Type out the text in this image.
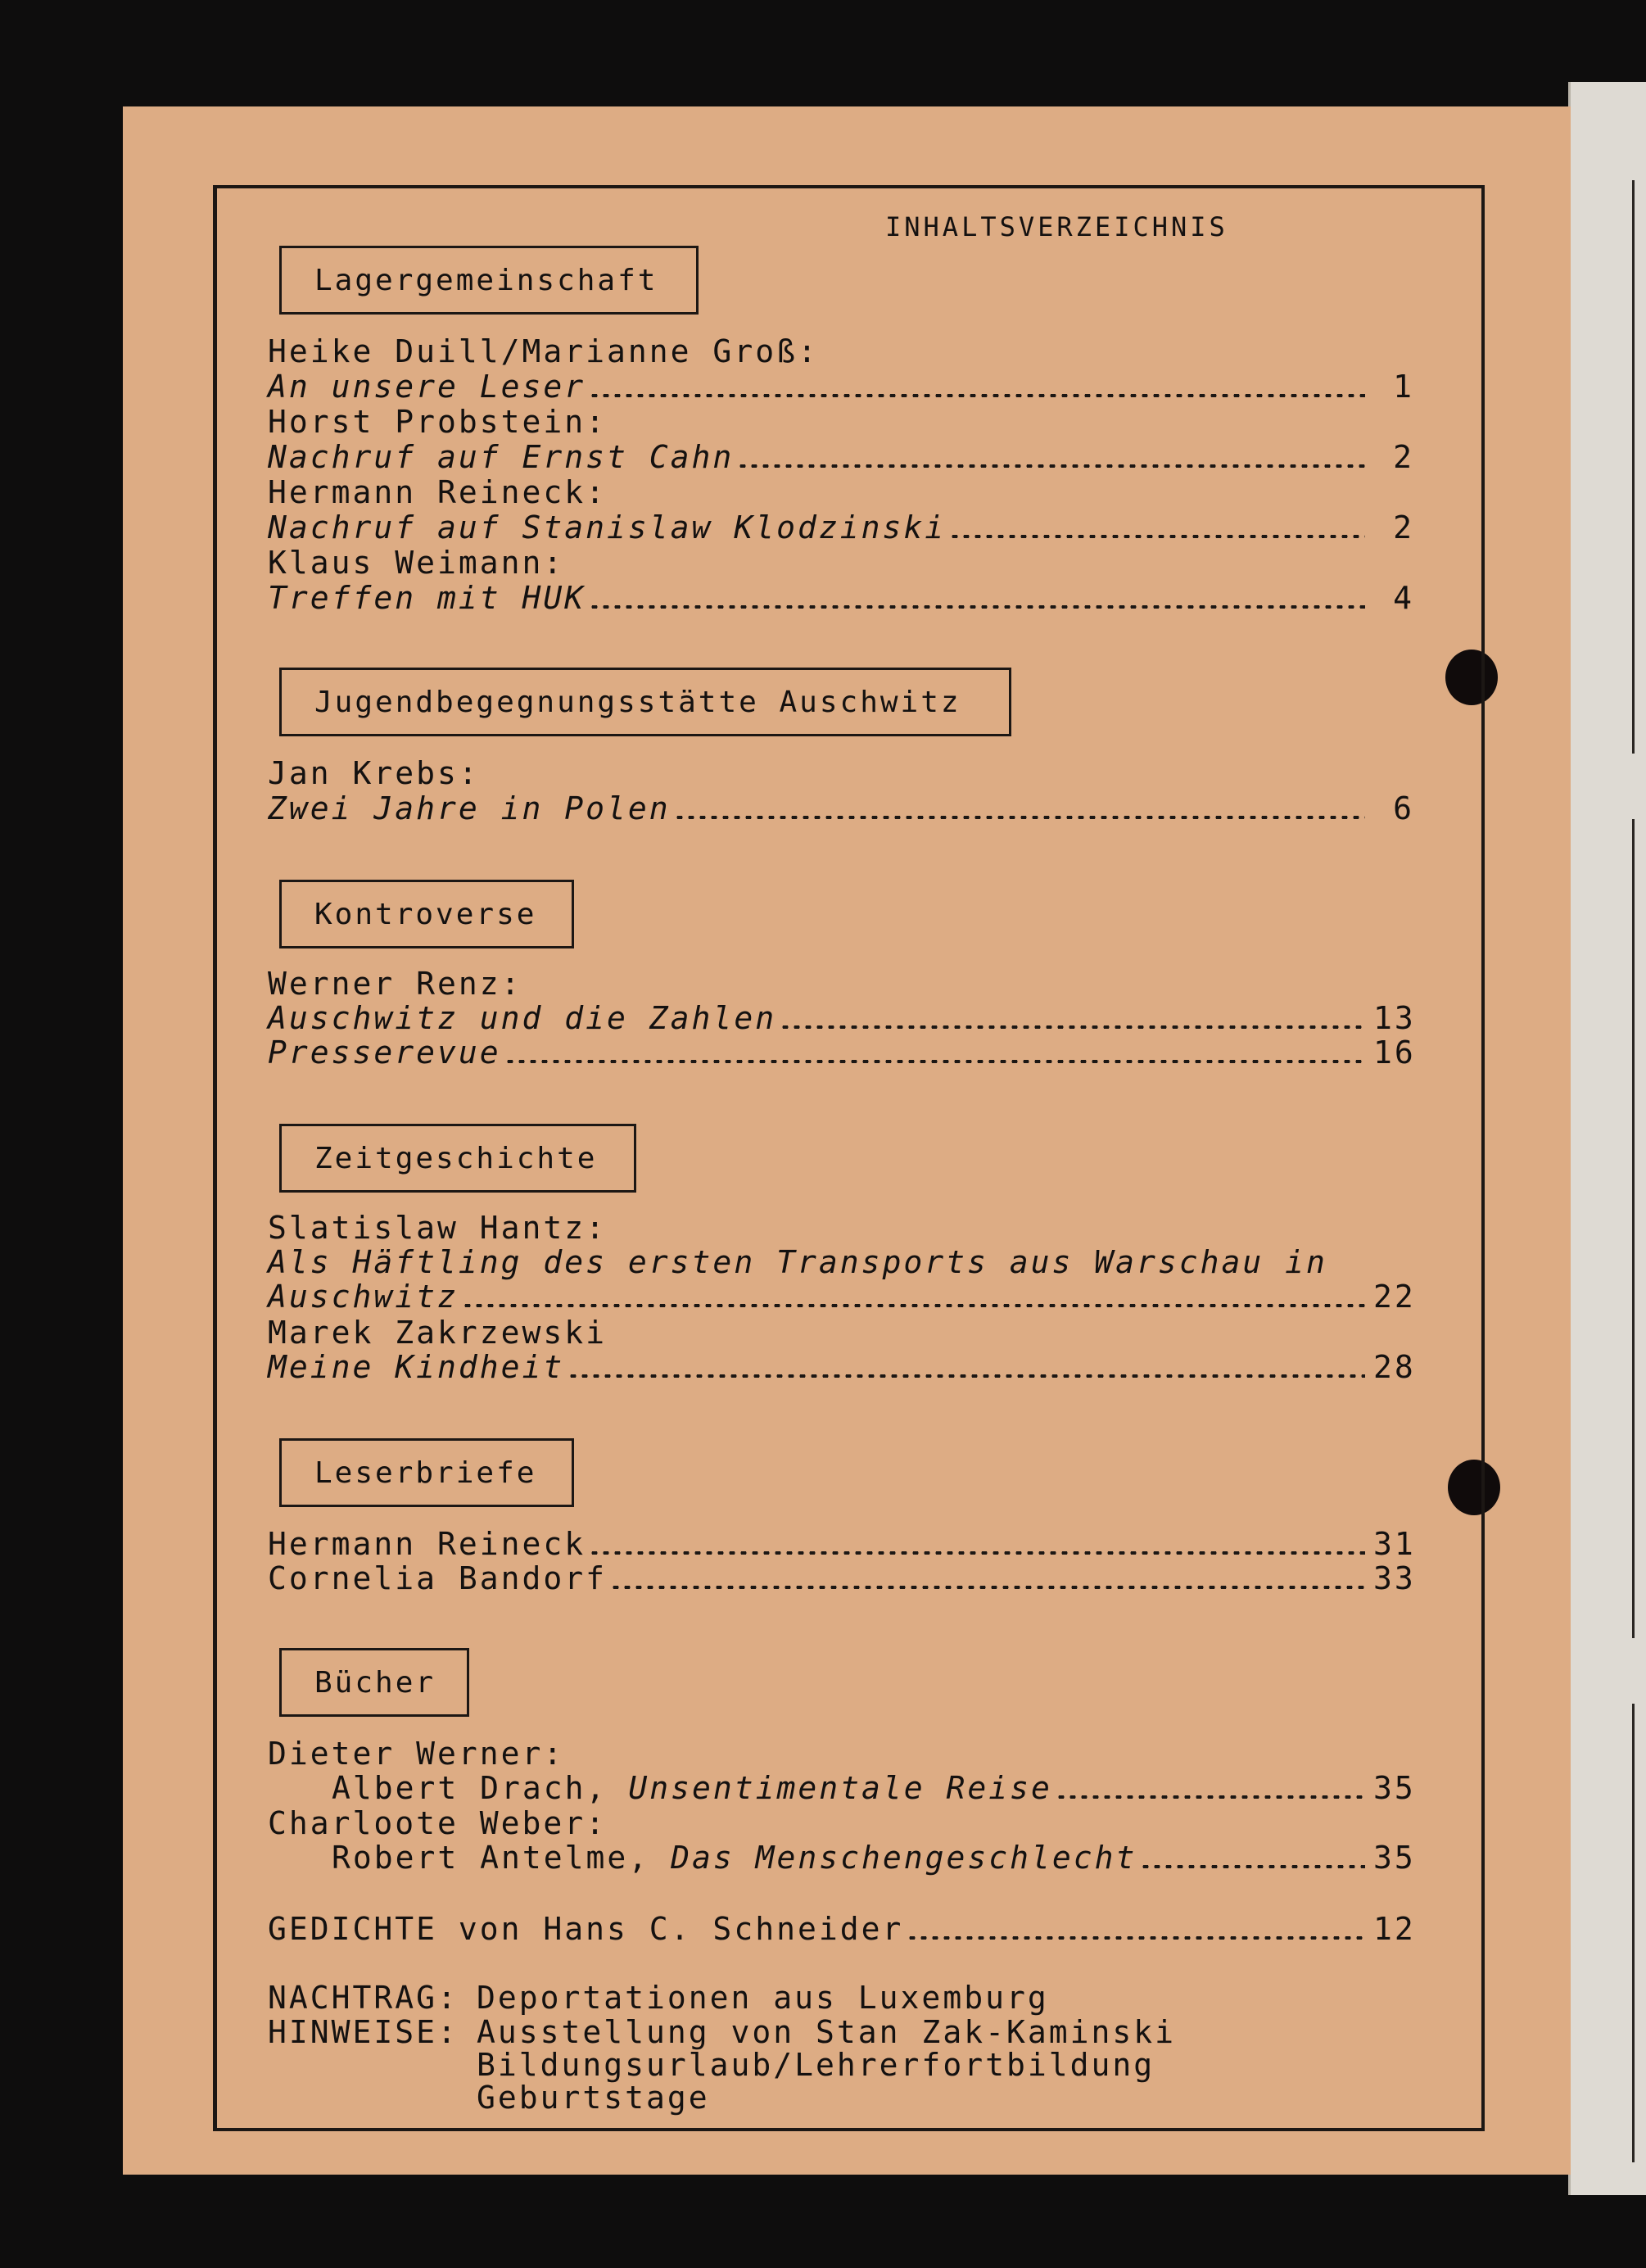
INHALTSVERZEICHNIS
Lagergemeinschaft
Heike Duill/Marianne Groß:
An unsere Leser	1
Horst Probstein:
Nachruf auf Ernst Cahn	2
Hermann Reineck:
Nachruf auf Stanislaw Klodzinski	2
Klaus Weimann:
Treffen mit HUK	4
Jugendbegegnungsstätte Auschwitz
Jan Krebs:
Zwei Jahre in Polen	6
Kontroverse
Werner Renz:
Auschwitz und die Zahlen	13
Presserevue	16
Zeitgeschichte
Slatislaw Hantz:
Als Häftling des ersten Transports aus Warschau in
Auschwitz	22
Marek Zakrzewski
Meine Kindheit	28
Leserbriefe
Hermann Reineck	31
Cornelia Bandorf	33
Bücher
Dieter Werner:
Albert Drach, Unsentimentale Reise	35
Charloote Weber:
Robert Antelme, Das Menschengeschlecht	35
GEDICHTE von Hans C. Schneider	12
NACHTRAG: Deportationen aus Luxemburg
HINWEISE: Ausstellung von Stan Zak-Kaminski
Bildungsurlaub/Lehrerfortbildung
Geburtstage
